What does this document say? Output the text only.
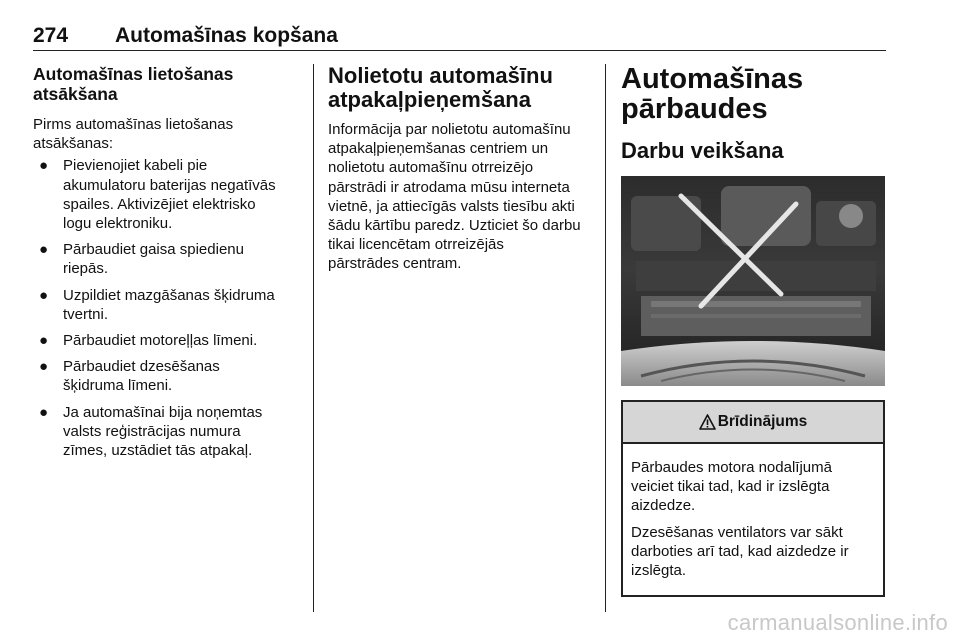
274 Automašīnas kopšana
Automašīnas lietošanas
atsākšana
Pirms automašīnas lietošanas
atsākšanas:
● Pievienojiet kabeli pie
akumulatoru baterijas negatīvās
spailes. Aktivizējiet elektrisko
logu elektroniku.
● Pārbaudiet gaisa spiedienu
riepās.
● Uzpildiet mazgāšanas šķidruma
tvertni.
● Pārbaudiet motoreļļas līmeni.
● Pārbaudiet dzesēšanas
šķidruma līmeni.
● Ja automašīnai bija noņemtas
valsts reģistrācijas numura
zīmes, uzstādiet tās atpakaļ.
Nolietotu automašīnu
atpakaļpieņemšana
Informācija par nolietotu automašīnu
atpakaļpieņemšanas centriem un
nolietotu automašīnu otrreizējo
pārstrādi ir atrodama mūsu interneta
vietnē, ja attiecīgās valsts tiesību akti
šādu kārtību paredz. Uzticiet šo darbu
tikai licencētam otrreizējās
pārstrādes centram.
Automašīnas
pārbaudes
Darbu veikšana
Brīdinājums

Pārbaudes motora nodalījumā
veiciet tikai tad, kad ir izslēgta
aizdedze.

Dzesēšanas ventilators var sākt
darboties arī tad, kad aizdedze ir
izslēgta.

carmanualsonline.info
